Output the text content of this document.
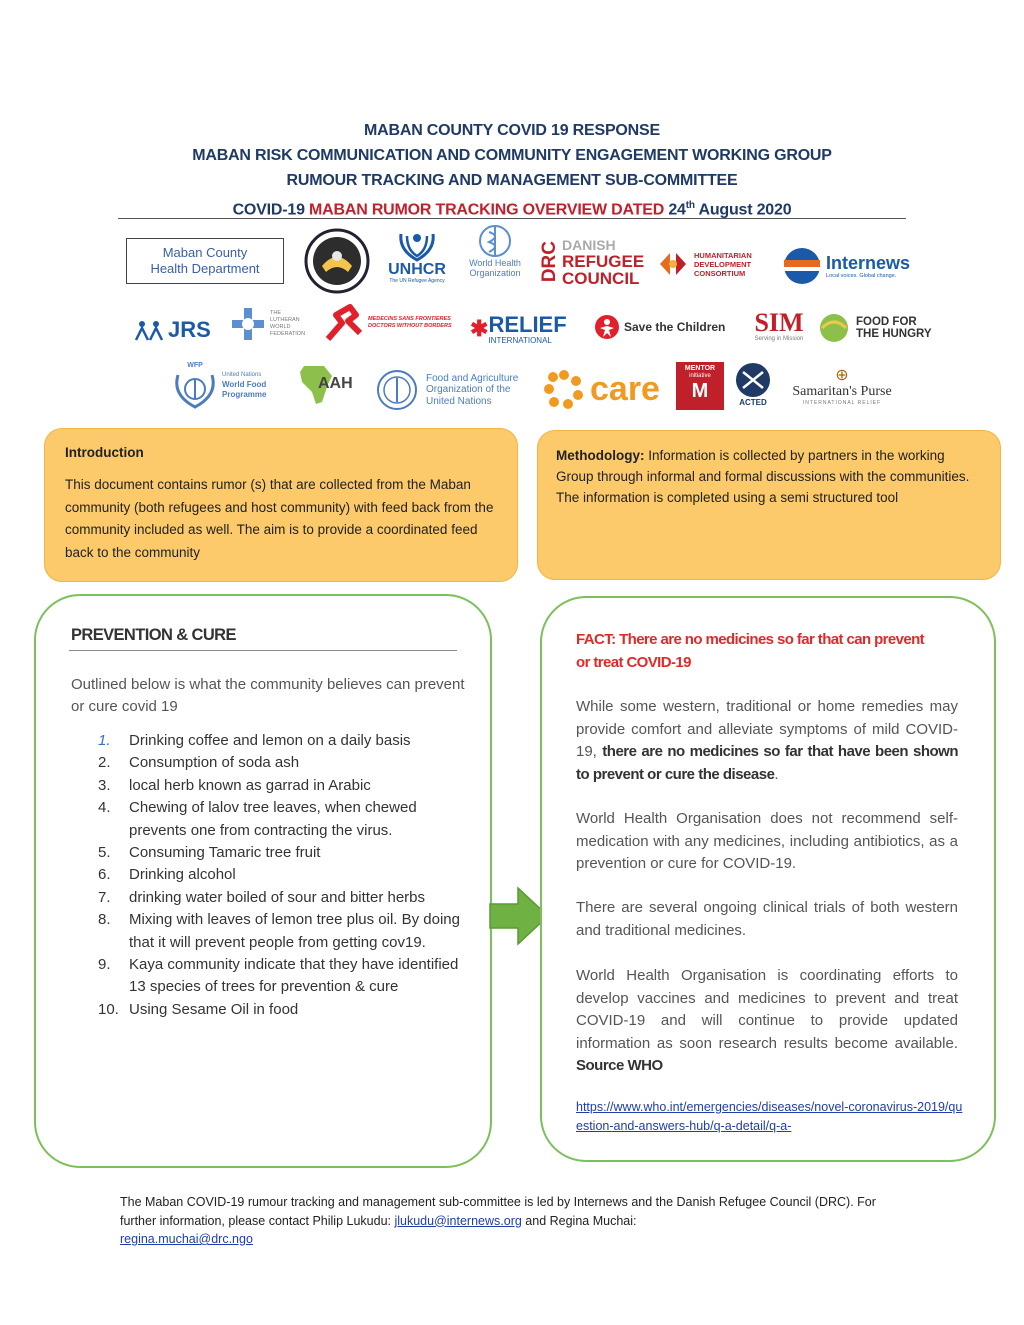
MABAN COUNTY COVID 19 RESPONSE
MABAN RISK COMMUNICATION AND COMMUNITY ENGAGEMENT WORKING GROUP
RUMOUR TRACKING AND MANAGEMENT SUB-COMMITTEE
COVID-19 MABAN RUMOR TRACKING OVERVIEW DATED 24th August 2020
Maban County
Health Department	UNHCR
The UN Refugee Agency
World Health
Organization DRC DANISH
REFUGEE
COUNCIL
HUMANITARIAN
DEVELOPMENT
CONSORTIUM	Internews
Local voices. Global change.
JRS
THE
LUTHERAN
WORLD
FEDERATION
MEDECINS SANS FRONTIERES
DOCTORS WITHOUT BORDERS ✱ RELIEF
INTERNATIONAL
Save the Children SIM
Serving in Mission
FOOD FOR
THE HUNGRY
WFP
United Nations
World Food
Programme
AAH	Food and Agriculture
Organization of the
United Nations	care
MENTOR
initiative
M
ACTED
⊕
Samaritan's Purse
INTERNATIONAL RELIEF
Introduction

This document contains rumor (s) that are collected from the Maban community (both refugees and host community) with feed back from the community included as well. The aim is to provide a coordinated feed back to the community

Methodology: Information is collected by partners in the working Group through informal and formal discussions with the communities. The information is completed using a semi structured tool

PREVENTION & CURE
Outlined below is what the community believes can prevent or cure covid 19
1.	Drinking coffee and lemon on a daily basis
2.	Consumption of soda ash
3.	local herb known as garrad in Arabic
4.	Chewing of lalov tree leaves, when chewed prevents one from contracting the virus.
5.	Consuming Tamaric tree fruit
6.	Drinking alcohol
7.	drinking water boiled of sour and bitter herbs
8.	Mixing with leaves of lemon tree plus oil. By doing that it will prevent people from getting cov19.
9.	Kaya community indicate that they have identified 13 species of trees for prevention & cure
10. Using Sesame Oil in food
FACT: There are no medicines so far that can prevent or treat COVID-19
While some western, traditional or home remedies may provide comfort and alleviate symptoms of mild COVID-19, there are no medicines so far that have been shown to prevent or cure the disease.
World Health Organisation does not recommend self-medication with any medicines, including antibiotics, as a prevention or cure for COVID-19.
There are several ongoing clinical trials of both western and traditional medicines.
World Health Organisation is coordinating efforts to develop vaccines and medicines to prevent and treat COVID-19 and will continue to provide updated information as soon research results become available. Source WHO
https://www.who.int/emergencies/diseases/novel-coronavirus-2019/question-and-answers-hub/q-a-detail/q-a-
The Maban COVID-19 rumour tracking and management sub-committee is led by Internews and the Danish Refugee Council (DRC). For further information, please contact Philip Lukudu: jlukudu@internews.org and Regina Muchai:
regina.muchai@drc.ngo
